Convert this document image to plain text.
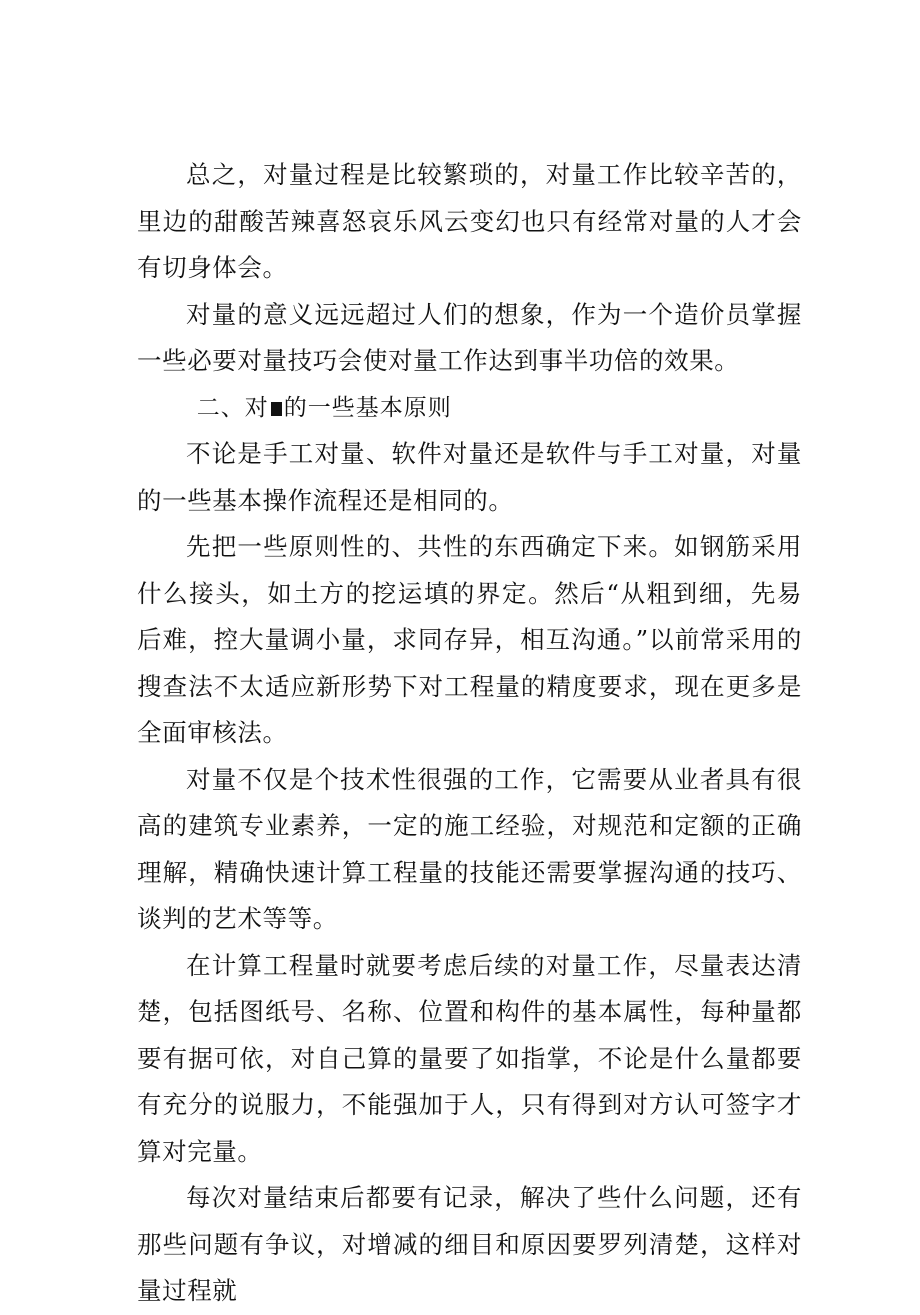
总之，对量过程是比较繁琐的，对量工作比较辛苦的，里边的甜酸苦辣喜怒哀乐风云变幻也只有经常对量的人才会有切身体会。

对量的意义远远超过人们的想象，作为一个造价员掌握一些必要对量技巧会使对量工作达到事半功倍的效果。

二、对 的一些基本原则

不论是手工对量、软件对量还是软件与手工对量，对量的一些基本操作流程还是相同的。

先把一些原则性的、共性的东西确定下来。如钢筋采用什么接头，如土方的挖运填的界定。然后“从粗到细，先易后难，控大量调小量，求同存异，相互沟通。”以前常采用的搜查法不太适应新形势下对工程量的精度要求，现在更多是全面审核法。

对量不仅是个技术性很强的工作，它需要从业者具有很高的建筑专业素养，一定的施工经验，对规范和定额的正确理解，精确快速计算工程量的技能还需要掌握沟通的技巧、谈判的艺术等等。

在计算工程量时就要考虑后续的对量工作，尽量表达清楚，包括图纸号、名称、位置和构件的基本属性，每种量都要有据可依，对自己算的量要了如指掌，不论是什么量都要有充分的说服力，不能强加于人，只有得到对方认可签字才算对完量。

每次对量结束后都要有记录，解决了些什么问题，还有那些问题有争议，对增减的细目和原因要罗列清楚，这样对量过程就
